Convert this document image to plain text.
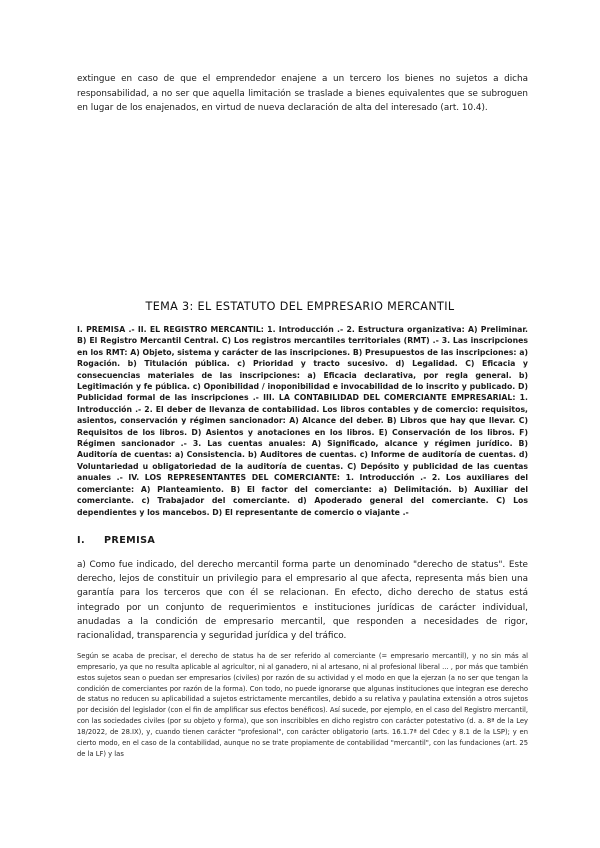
extingue en caso de que el emprendedor enajene a un tercero los bienes no sujetos a dicha responsabilidad, a no ser que aquella limitación se traslade a bienes equivalentes que se subroguen en lugar de los enajenados, en virtud de nueva declaración de alta del interesado (art. 10.4).

TEMA 3: EL ESTATUTO DEL EMPRESARIO MERCANTIL

I. PREMISA .- II. EL REGISTRO MERCANTIL: 1. Introducción .- 2. Estructura organizativa: A) Preliminar. B) El Registro Mercantil Central. C) Los registros mercantiles territoriales (RMT) .- 3. Las inscripciones en los RMT: A) Objeto, sistema y carácter de las inscripciones. B) Presupuestos de las inscripciones: a) Rogación. b) Titulación pública. c) Prioridad y tracto sucesivo. d) Legalidad. C) Eficacia y consecuencias materiales de las inscripciones: a) Eficacia declarativa, por regla general. b) Legitimación y fe pública. c) Oponibilidad / inoponibilidad e invocabilidad de lo inscrito y publicado. D) Publicidad formal de las inscripciones .- III. LA CONTABILIDAD DEL COMERCIANTE EMPRESARIAL: 1. Introducción .- 2. El deber de llevanza de contabilidad. Los libros contables y de comercio: requisitos, asientos, conservación y régimen sancionador: A) Alcance del deber. B) Libros que hay que llevar. C) Requisitos de los libros. D) Asientos y anotaciones en los libros. E) Conservación de los libros. F) Régimen sancionador .- 3. Las cuentas anuales: A) Significado, alcance y régimen jurídico. B) Auditoría de cuentas: a) Consistencia. b) Auditores de cuentas. c) Informe de auditoría de cuentas. d) Voluntariedad u obligatoriedad de la auditoría de cuentas. C) Depósito y publicidad de las cuentas anuales .- IV. LOS REPRESENTANTES DEL COMERCIANTE: 1. Introducción .- 2. Los auxiliares del comerciante: A) Planteamiento. B) El factor del comerciante: a) Delimitación. b) Auxiliar del comerciante. c) Trabajador del comerciante. d) Apoderado general del comerciante. C) Los dependientes y los mancebos. D) El representante de comercio o viajante .-

I. PREMISA

a) Como fue indicado, del derecho mercantil forma parte un denominado "derecho de status". Este derecho, lejos de constituir un privilegio para el empresario al que afecta, representa más bien una garantía para los terceros que con él se relacionan. En efecto, dicho derecho de status está integrado por un conjunto de requerimientos e instituciones jurídicas de carácter individual, anudadas a la condición de empresario mercantil, que responden a necesidades de rigor, racionalidad, transparencia y seguridad jurídica y del tráfico.

Según se acaba de precisar, el derecho de status ha de ser referido al comerciante (= empresario mercantil), y no sin más al empresario, ya que no resulta aplicable al agricultor, ni al ganadero, ni al artesano, ni al profesional liberal ... , por más que también estos sujetos sean o puedan ser empresarios (civiles) por razón de su actividad y el modo en que la ejerzan (a no ser que tengan la condición de comerciantes por razón de la forma). Con todo, no puede ignorarse que algunas instituciones que integran ese derecho de status no reducen su aplicabilidad a sujetos estrictamente mercantiles, debido a su relativa y paulatina extensión a otros sujetos por decisión del legislador (con el fin de amplificar sus efectos benéficos). Así sucede, por ejemplo, en el caso del Registro mercantil, con las sociedades civiles (por su objeto y forma), que son inscribibles en dicho registro con carácter potestativo (d. a. 8ª de la Ley 18/2022, de 28.IX), y, cuando tienen carácter "profesional", con carácter obligatorio (arts. 16.1.7ª del Cdec y 8.1 de la LSP); y en cierto modo, en el caso de la contabilidad, aunque no se trate propiamente de contabilidad "mercantil", con las fundaciones (art. 25 de la LF) y las
